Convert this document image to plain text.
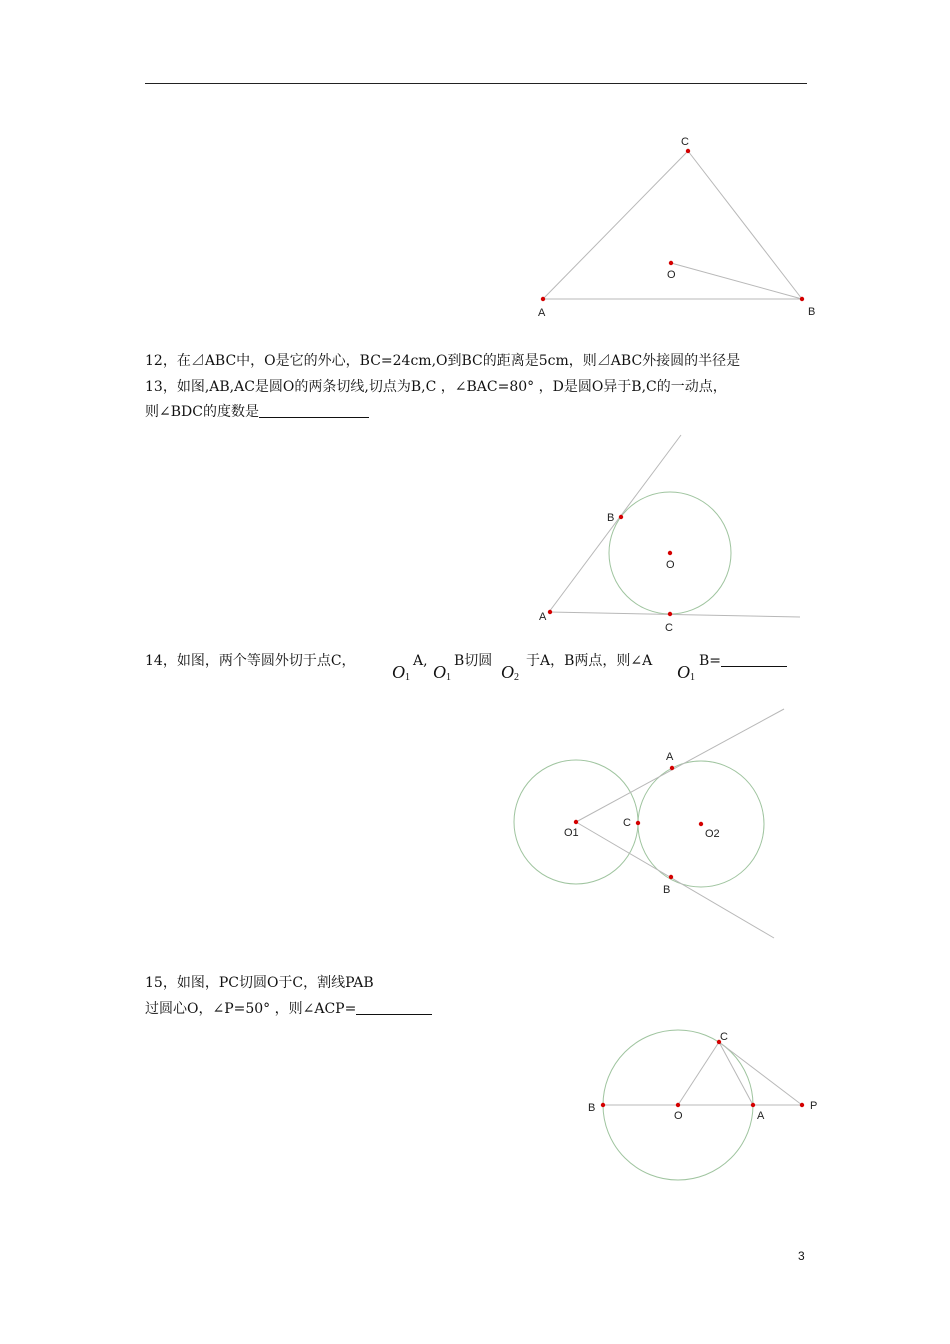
A	B
C
O
12，在⊿ABC中，O是它的外心，BC=24cm,O到BC的距离是5cm，则⊿ABC外接圆的半径是
13，如图,AB,AC是圆O的两条切线,切点为B,C ，∠BAC=80° ，D是圆O异于B,C的一动点，
则∠BDC的度数是
A
B
C
O
14，如图，两个等圆外切于点C，
O 1
A,
O 1
B切圆
O 2
于A，B两点，则∠A
O 1
B=
A
B
C
O1	O2
15，如图，PC切圆O于C，割线PAB
过圆心O，∠P=50° ，则∠ACP=
B
O	A
P
C
3
